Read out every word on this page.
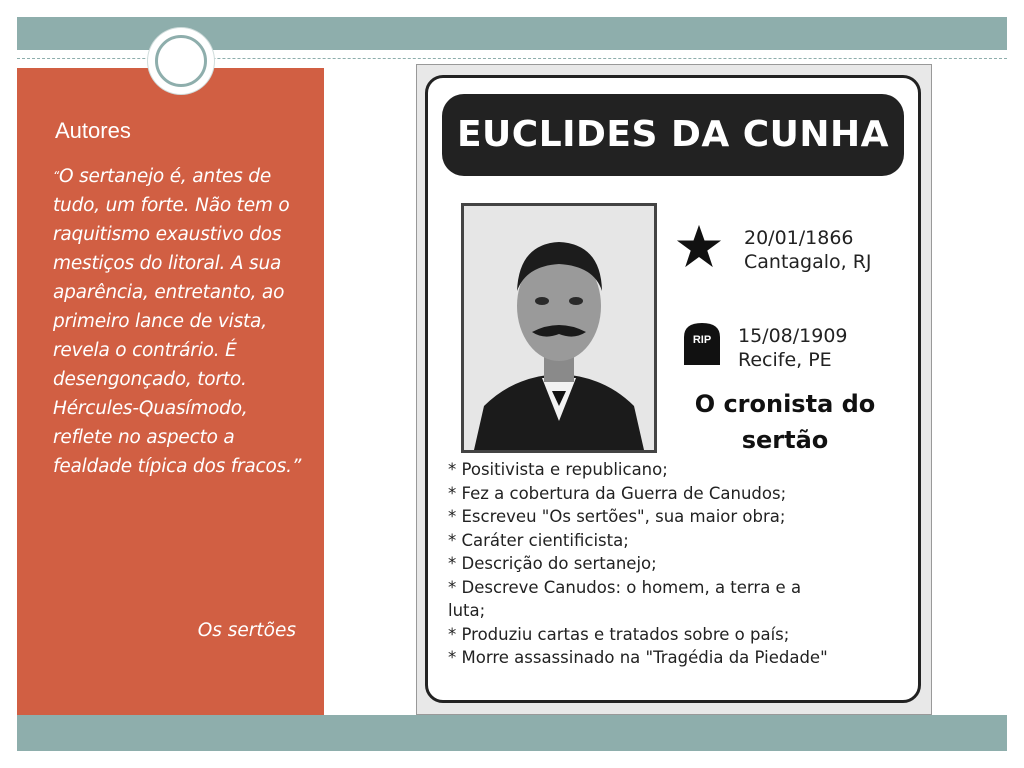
Autores
“O sertanejo é, antes de tudo, um forte. Não tem o raquitismo exaustivo dos mestiços do litoral. A sua aparência, entretanto, ao primeiro lance de vista, revela o contrário. É desengonçado, torto. Hércules-Quasímodo, reflete no aspecto a fealdade típica dos fracos.”
Os sertões
EUCLIDES DA CUNHA
20/01/1866
Cantagalo, RJ
RIP 15/08/1909
Recife, PE
O cronista do
sertão
* Positivista e republicano;
* Fez a cobertura da Guerra de Canudos;
* Escreveu "Os sertões", sua maior obra;
* Caráter cientificista;
* Descrição do sertanejo;
* Descreve Canudos: o homem, a terra e a
luta;
* Produziu cartas e tratados sobre o país;
* Morre assassinado na "Tragédia da Piedade"
